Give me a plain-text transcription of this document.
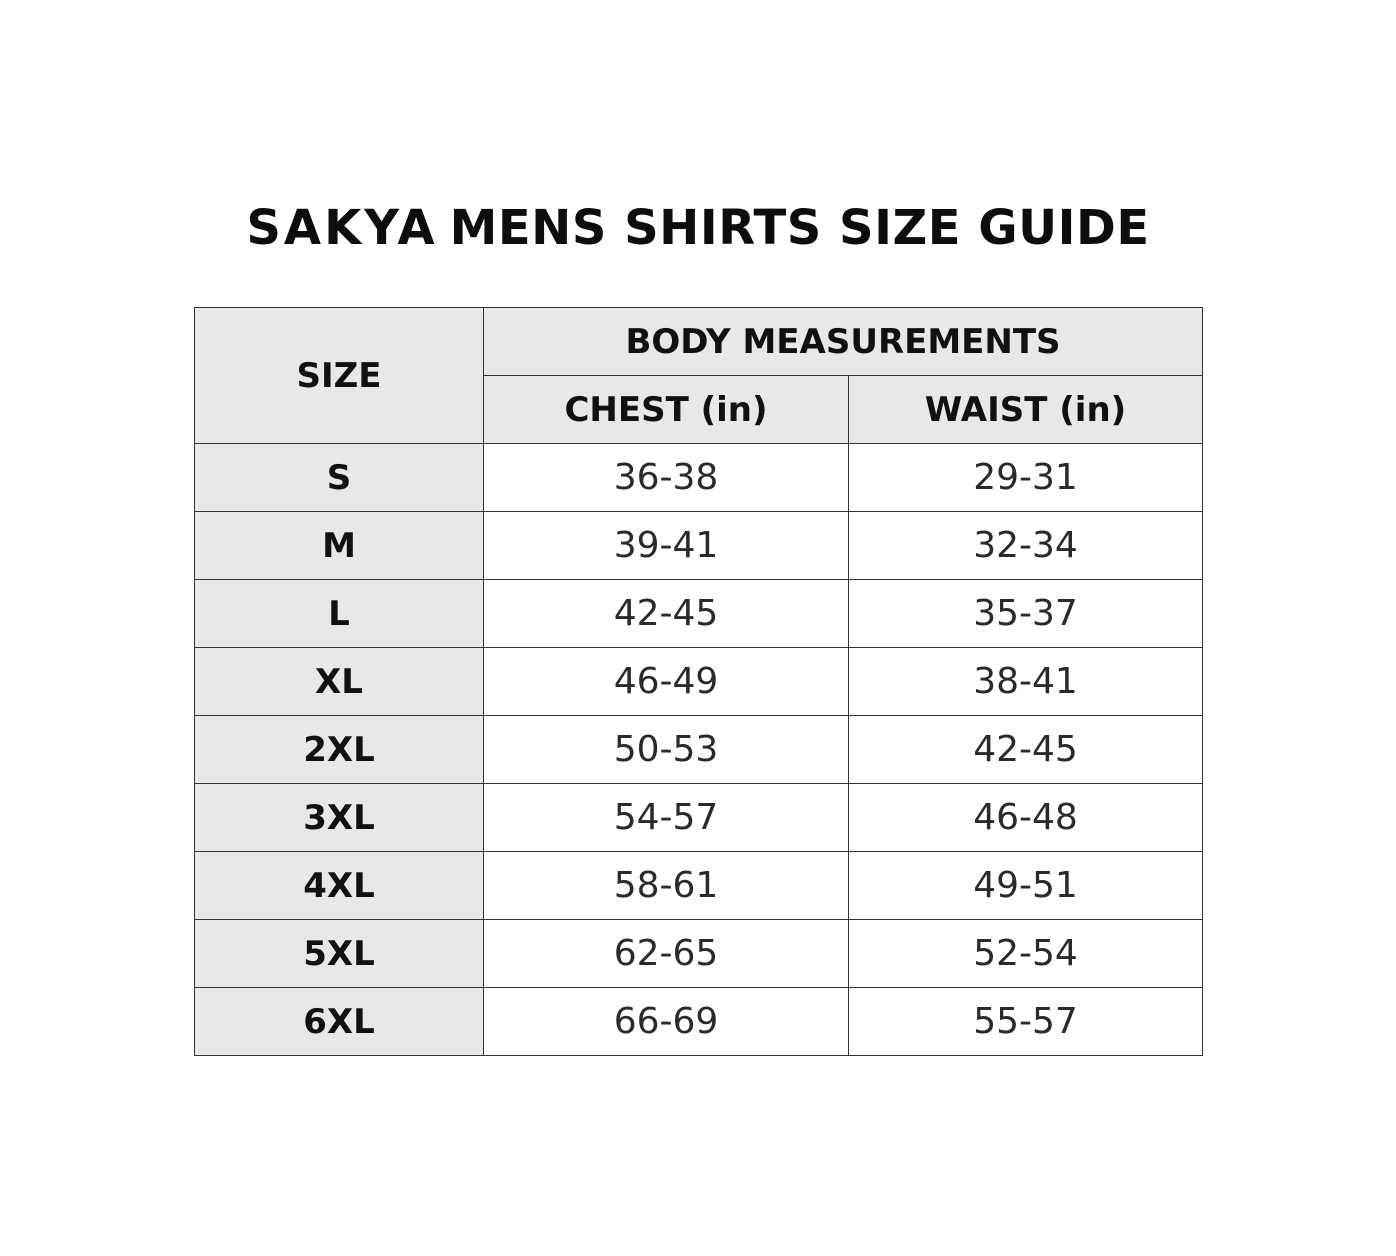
SAKYA MENS SHIRTS SIZE GUIDE
SIZE	BODY MEASUREMENTS	
	CHEST (in)	WAIST (in)
S	36-38	29-31
M	39-41	32-34
L	42-45	35-37
XL	46-49	38-41
2XL	50-53	42-45
3XL	54-57	46-48
4XL	58-61	49-51
5XL	62-65	52-54
6XL	66-69	55-57
